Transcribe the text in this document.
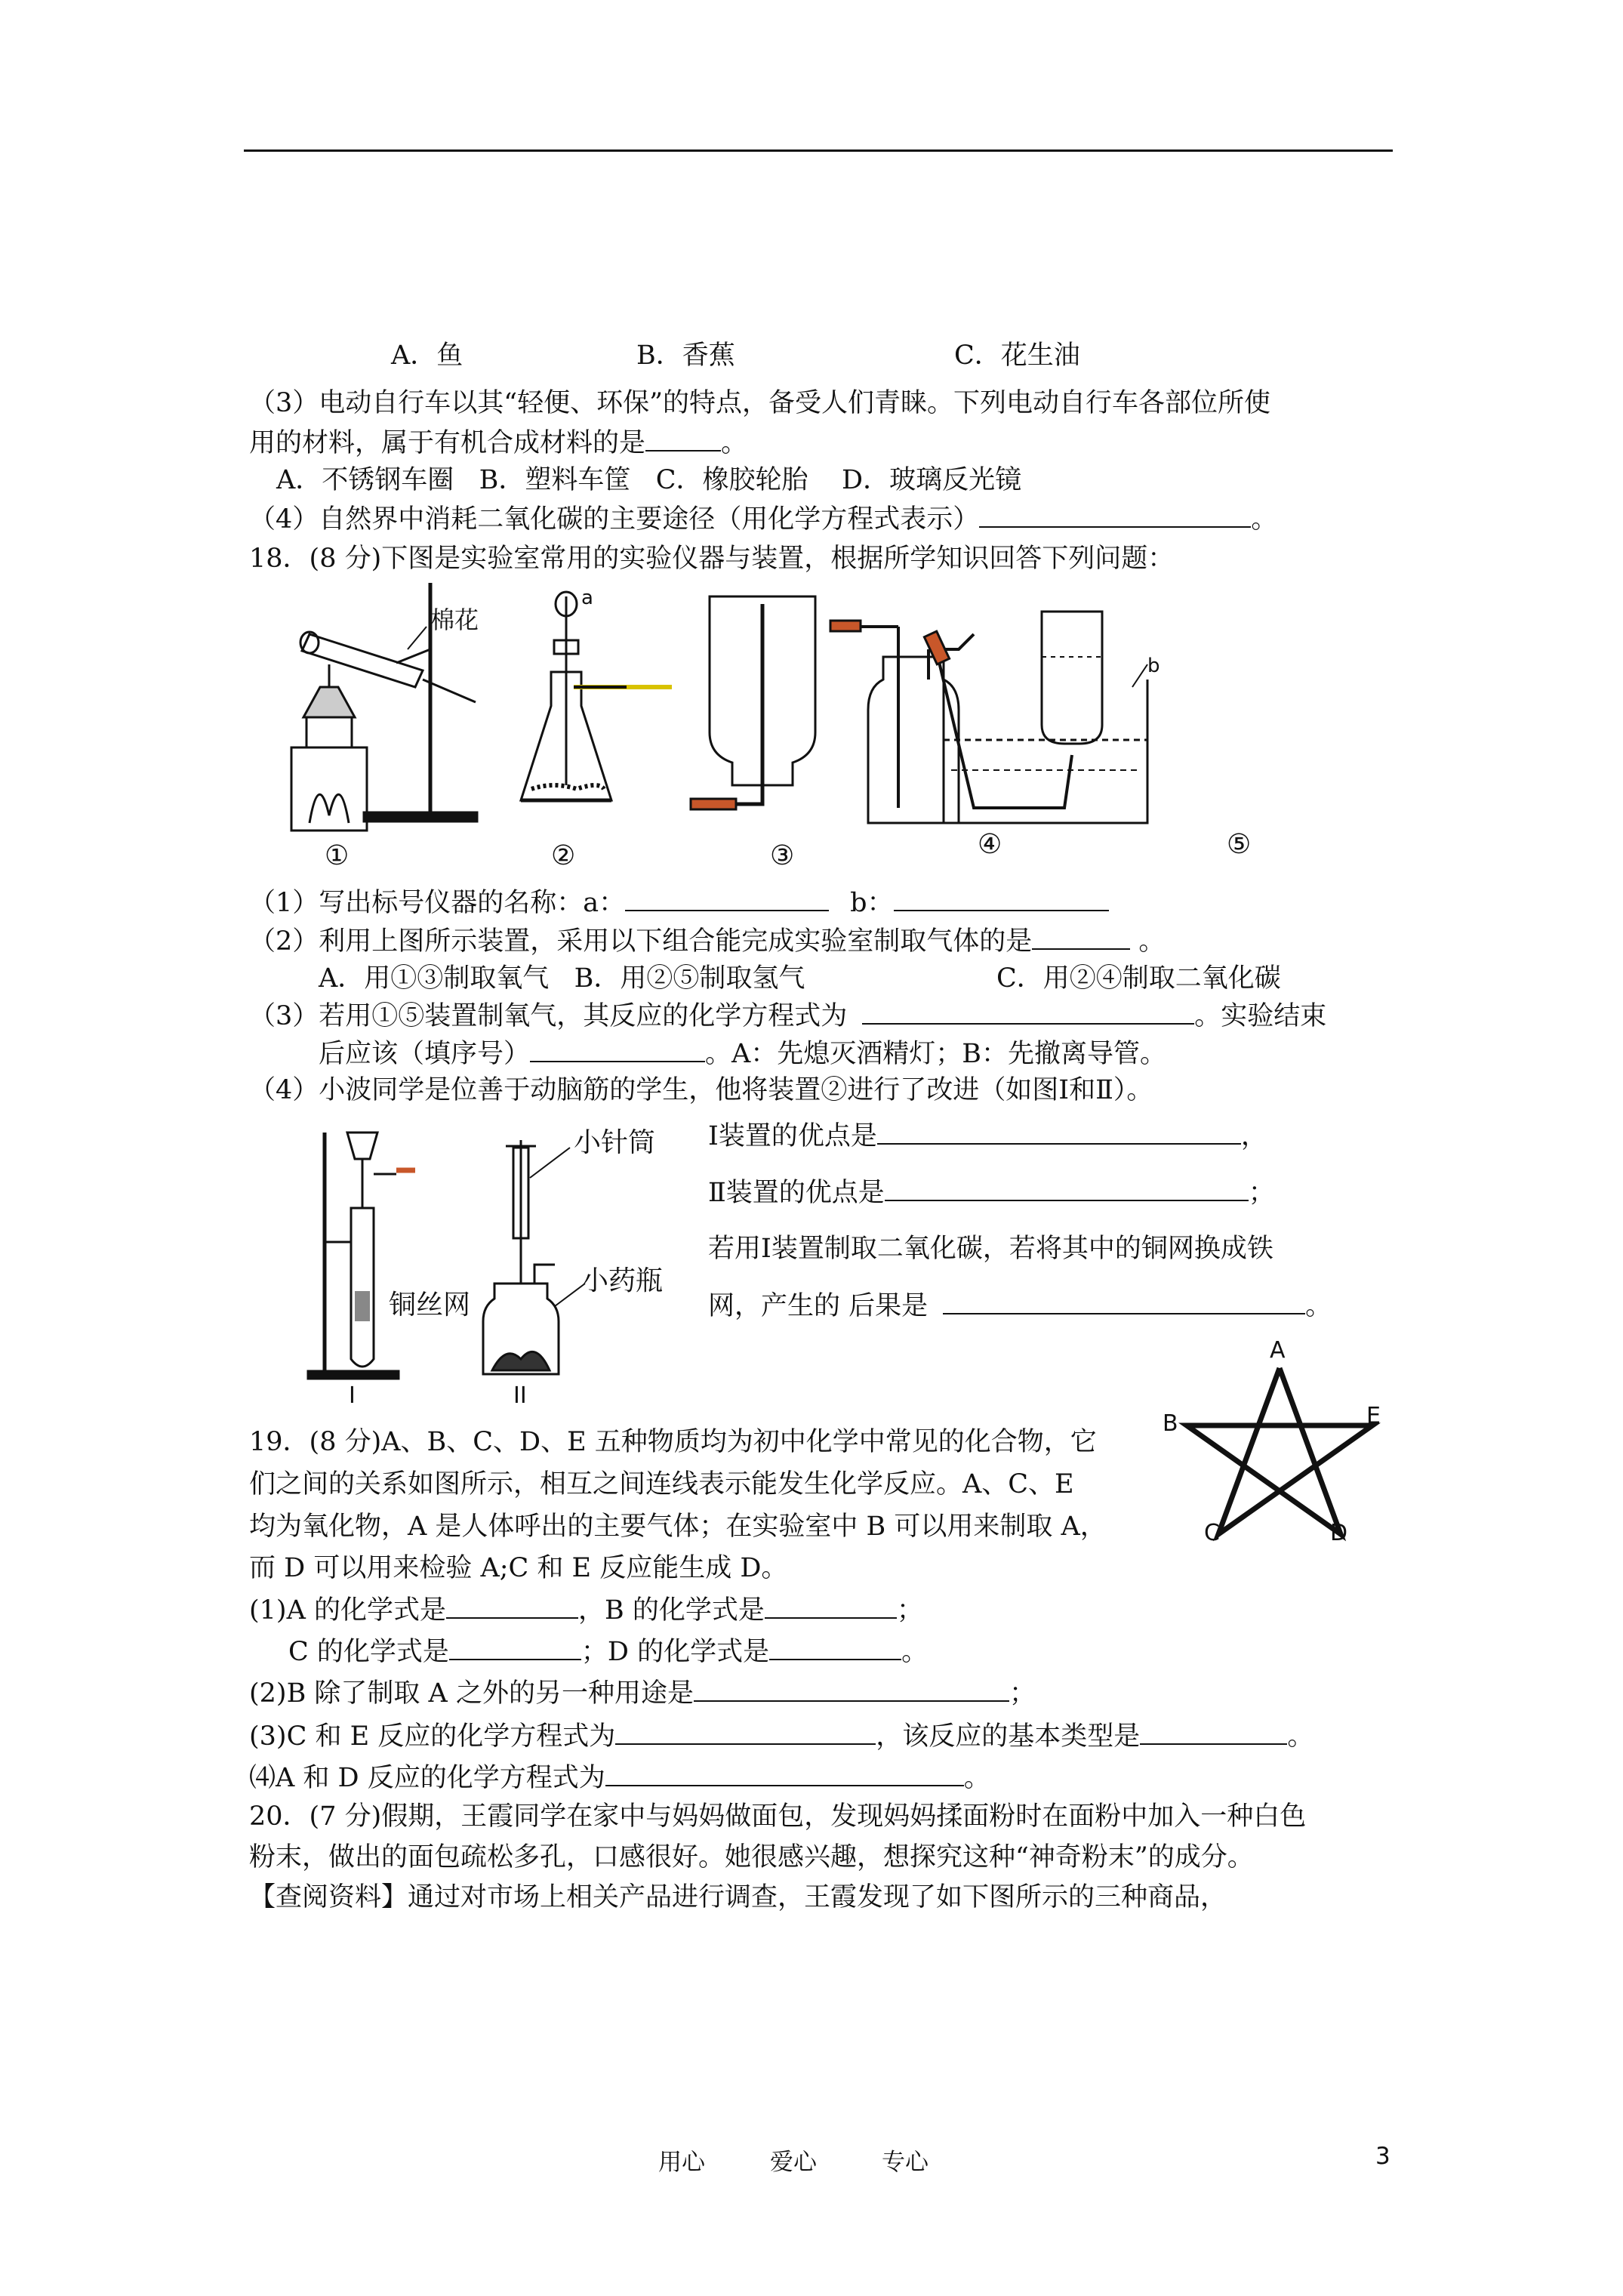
A．鱼	B．香蕉	C．花生油
（3）电动自行车以其“轻便、环保”的特点，备受人们青睐。下列电动自行车各部位所使
用的材料，属于有机合成材料的是	。
A．不锈钢车圈   B．塑料车筐   C．橡胶轮胎    D．玻璃反光镜
（4）自然界中消耗二氧化碳的主要途径（用化学方程式表示）	。
18．(8 分)下图是实验室常用的实验仪器与装置，根据所学知识回答下列问题：
棉花
a
b
①	②	③	④	⑤
（1）写出标号仪器的名称：a：	b：
（2）利用上图所示装置，采用以下组合能完成实验室制取气体的是	。
A．用①③制取氧气   B．用②⑤制取氢气	C．用②④制取二氧化碳
（3）若用①⑤装置制氧气，其反应的化学方程式为	。实验结束
后应该（填序号）	。A：先熄灭酒精灯；B：先撤离导管。
（4）小波同学是位善于动脑筋的学生，他将装置②进行了改进（如图Ⅰ和Ⅱ）。
铜丝网
I
小针筒
小药瓶
II
Ⅰ装置的优点是	，
Ⅱ装置的优点是	；
若用Ⅰ装置制取二氧化碳，若将其中的铜网换成铁
网，产生的 后果是	。
A
B
C	D
E
19．(8 分)A、B、C、D、E 五种物质均为初中化学中常见的化合物，它
们之间的关系如图所示，相互之间连线表示能发生化学反应。A、C、E
均为氧化物，A 是人体呼出的主要气体；在实验室中 B 可以用来制取 A，
而 D 可以用来检验 A;C 和 E 反应能生成 D。
(1)A 的化学式是	，B 的化学式是	；
C 的化学式是	；D 的化学式是	。
(2)B 除了制取 A 之外的另一种用途是	；
(3)C 和 E 反应的化学方程式为	，该反应的基本类型是	。
⑷A 和 D 反应的化学方程式为	。
20．(7 分)假期，王霞同学在家中与妈妈做面包，发现妈妈揉面粉时在面粉中加入一种白色
粉末，做出的面包疏松多孔，口感很好。她很感兴趣，想探究这种“神奇粉末”的成分。
【查阅资料】通过对市场上相关产品进行调查，王霞发现了如下图所示的三种商品，
用心	爱心	专心	3
